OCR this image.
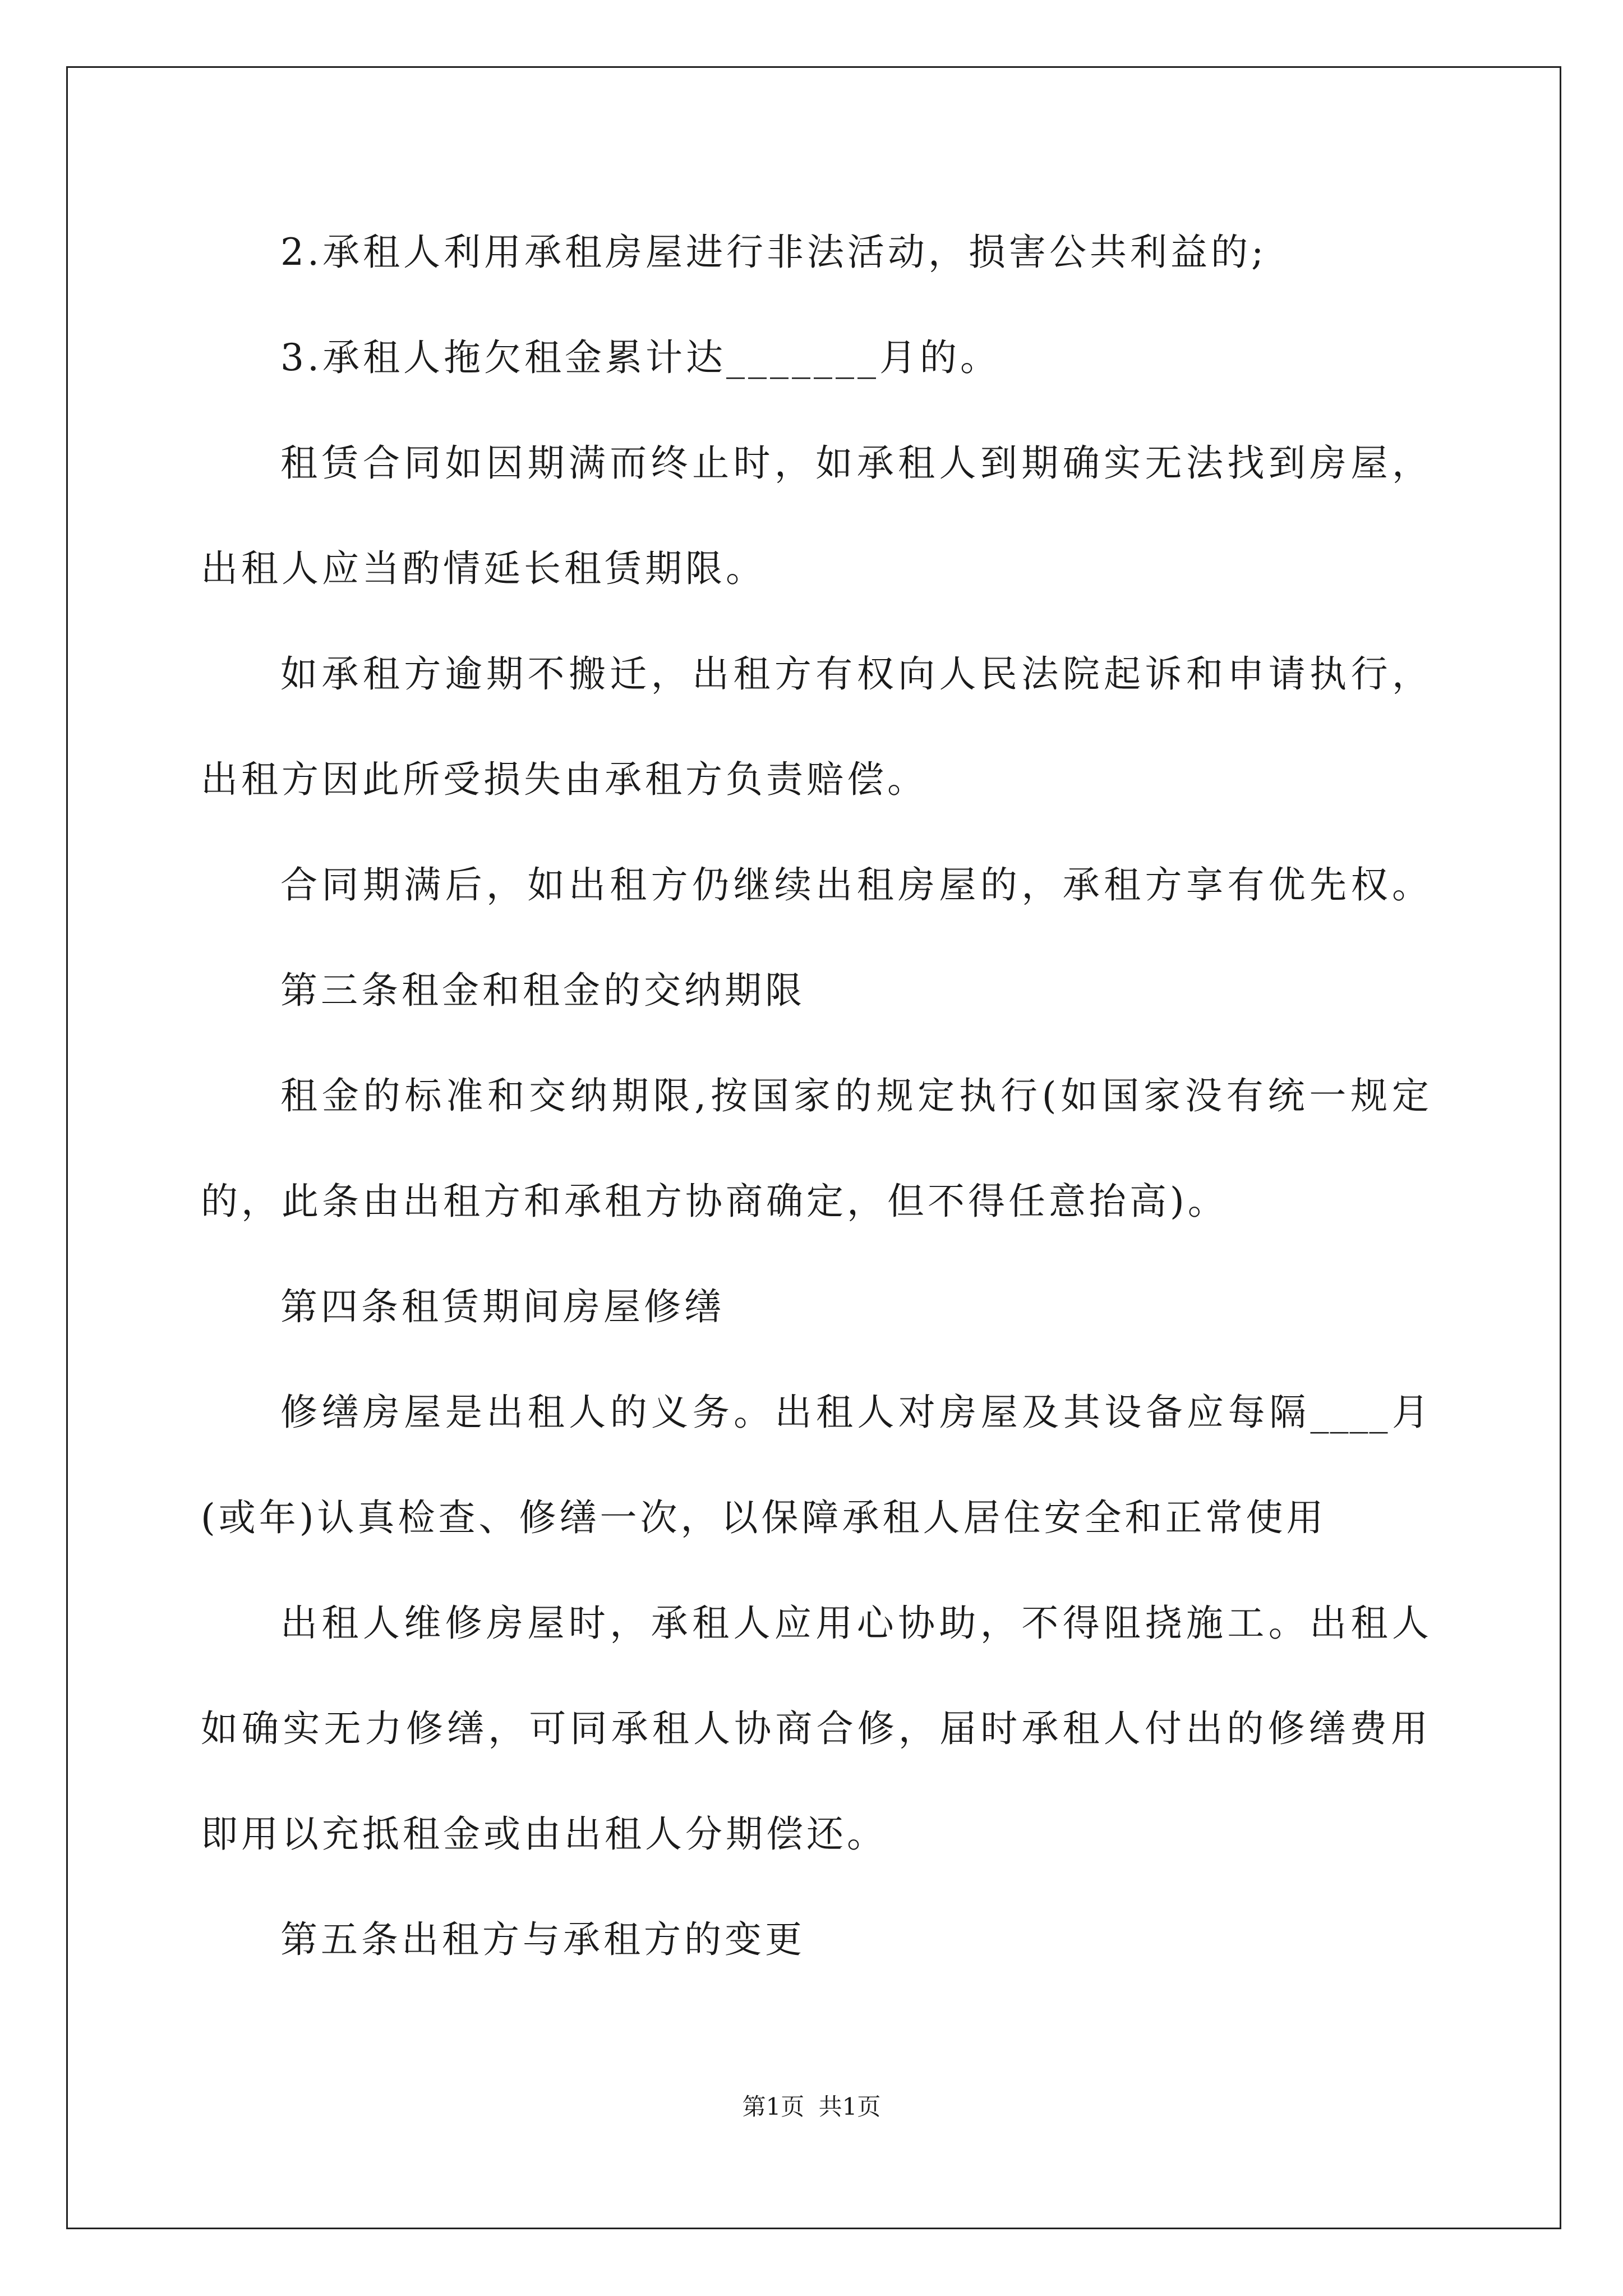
2.承租人利用承租房屋进行非法活动，损害公共利益的;
3.承租人拖欠租金累计达_______月的。
租赁合同如因期满而终止时，如承租人到期确实无法找到房屋，
出租人应当酌情延长租赁期限。
如承租方逾期不搬迁，出租方有权向人民法院起诉和申请执行，
出租方因此所受损失由承租方负责赔偿。
合同期满后，如出租方仍继续出租房屋的，承租方享有优先权。
第三条租金和租金的交纳期限
租金的标准和交纳期限,按国家的规定执行(如国家没有统一规定
的，此条由出租方和承租方协商确定，但不得任意抬高)。
第四条租赁期间房屋修缮
修缮房屋是出租人的义务。出租人对房屋及其设备应每隔____月
(或年)认真检查、修缮一次，以保障承租人居住安全和正常使用
出租人维修房屋时，承租人应用心协助，不得阻挠施工。出租人
如确实无力修缮，可同承租人协商合修，届时承租人付出的修缮费用
即用以充抵租金或由出租人分期偿还。
第五条出租方与承租方的变更
第1页 共1页
